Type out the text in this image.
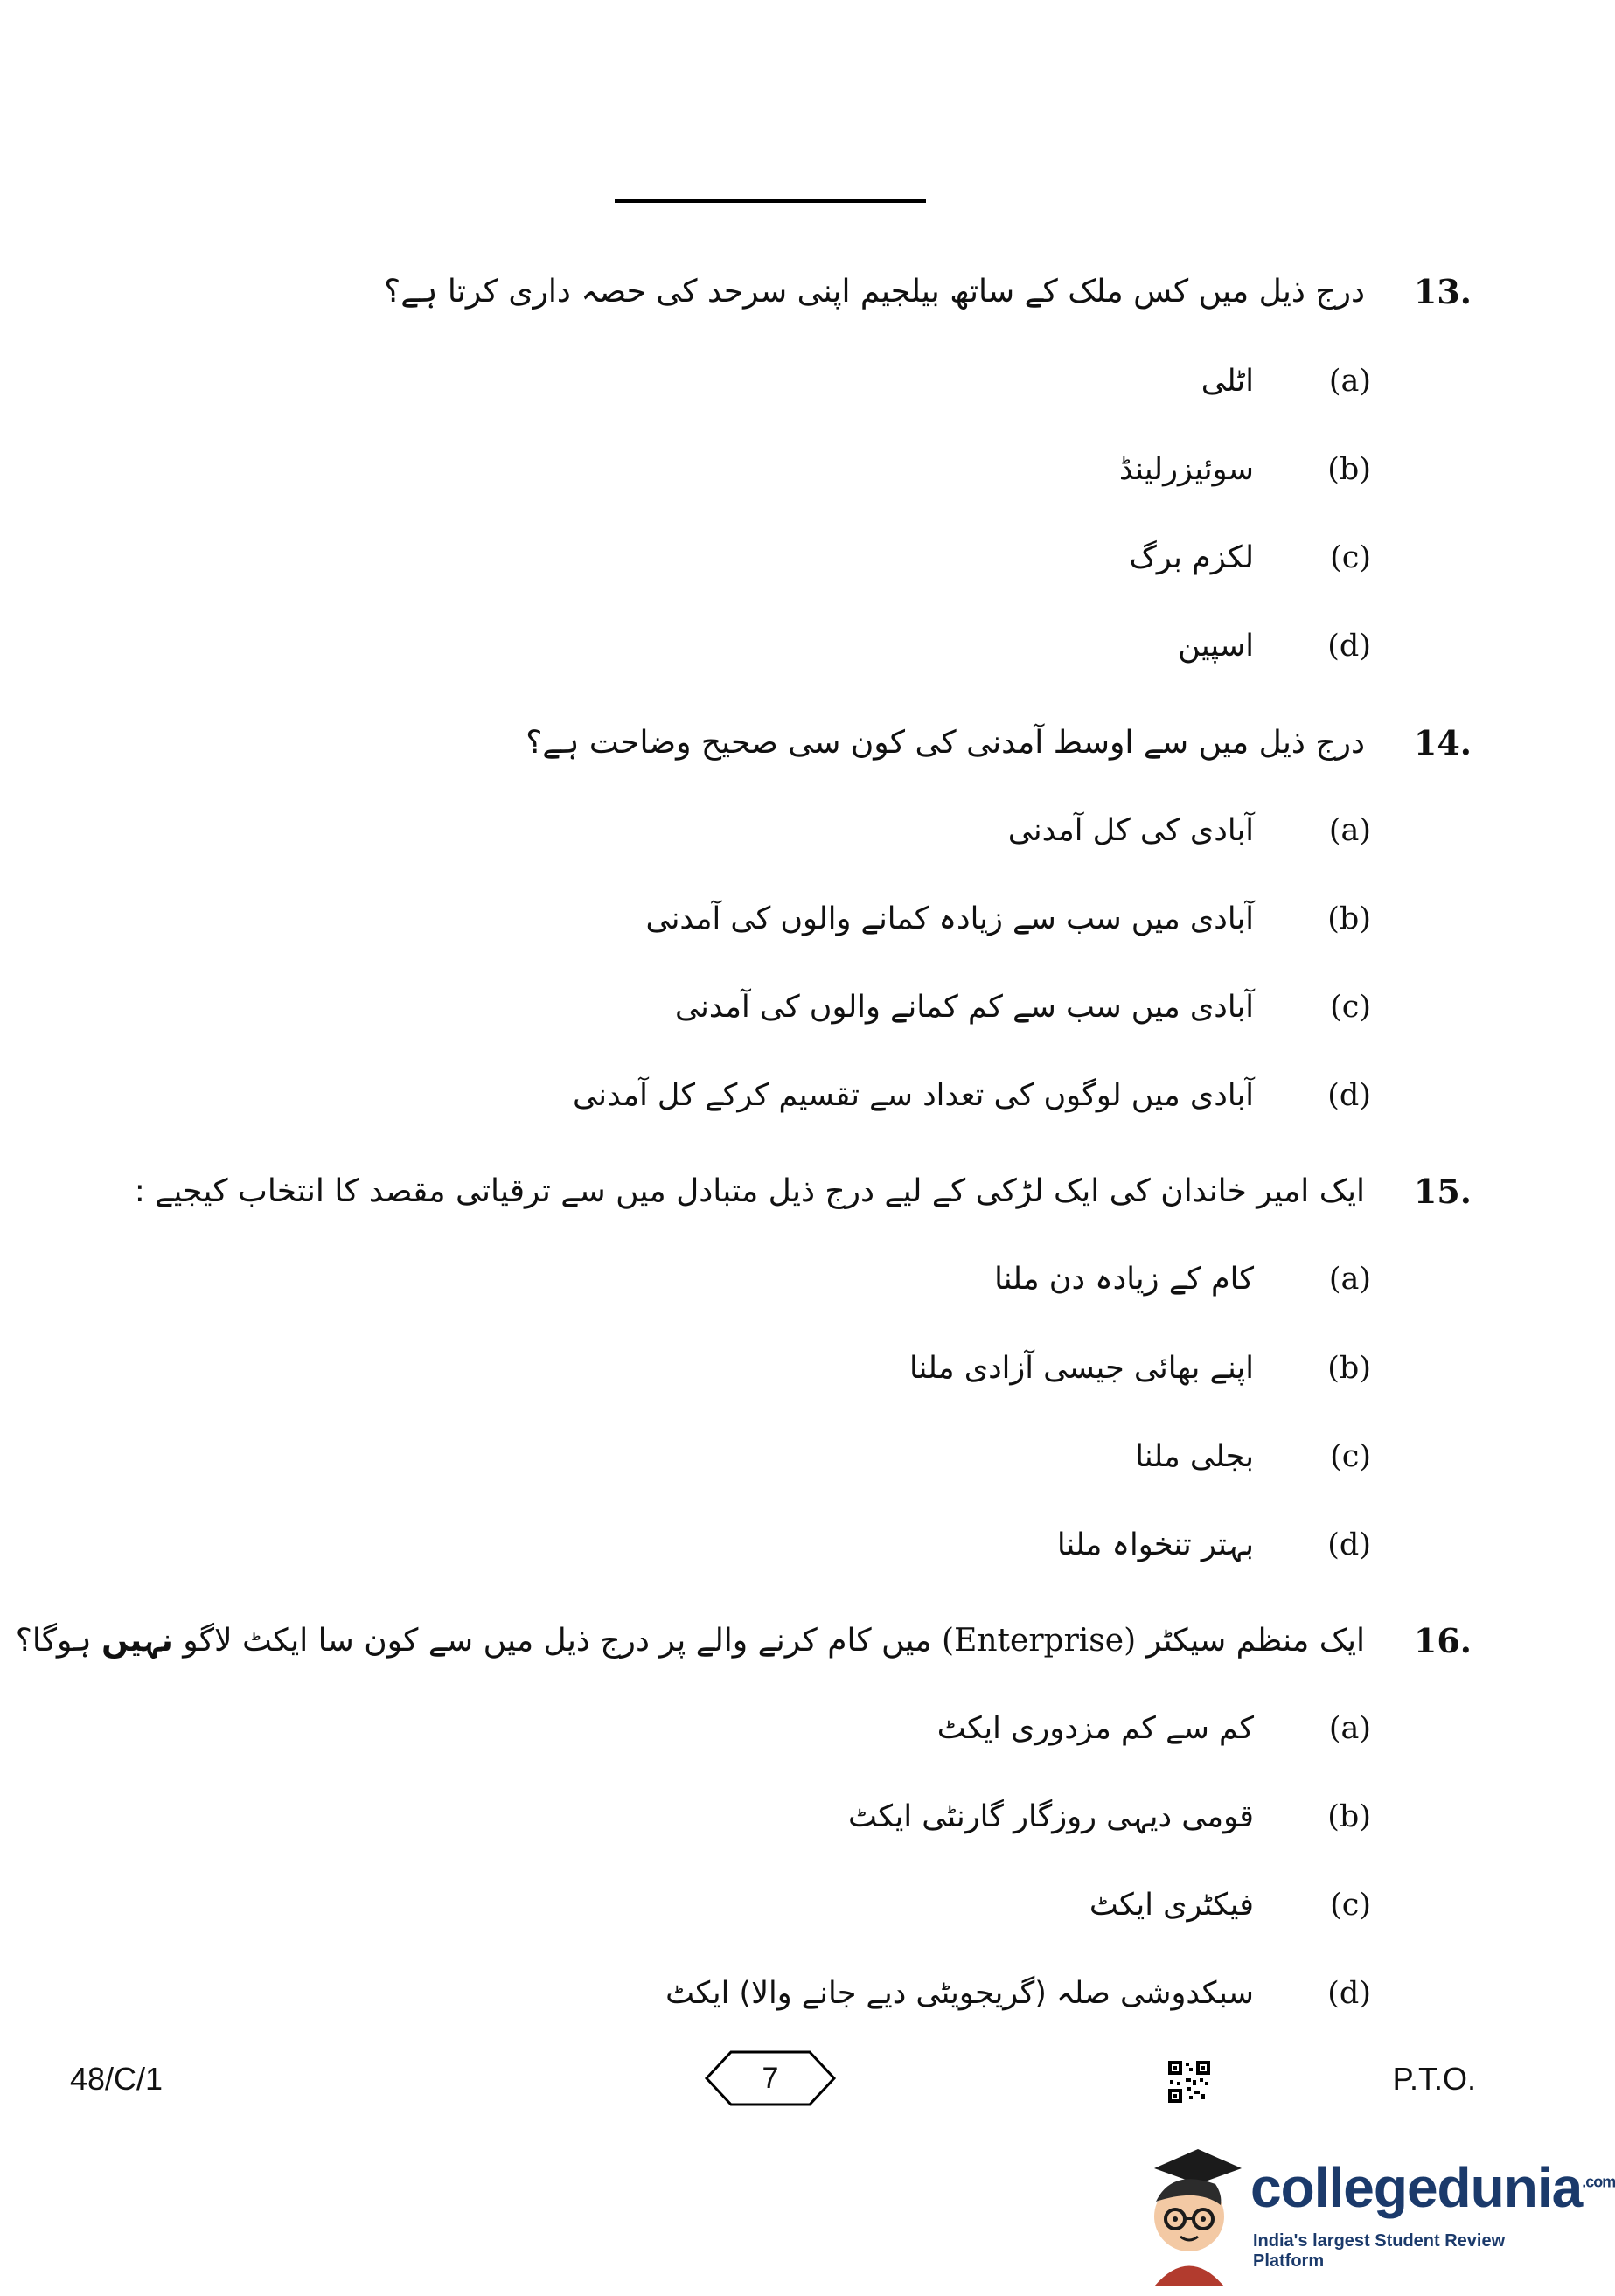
13.
درج ذیل میں کس ملک کے ساتھ بیلجیم اپنی سرحد کی حصہ داری کرتا ہے؟
(a)
اٹلی
(b)
سوئیزرلینڈ
(c)
لکزم برگ
(d)
اسپین
14.
درج ذیل میں سے اوسط آمدنی کی کون سی صحیح وضاحت ہے؟
(a)
آبادی کی کل آمدنی
(b)
آبادی میں سب سے زیادہ کمانے والوں کی آمدنی
(c)
آبادی میں سب سے کم کمانے والوں کی آمدنی
(d)
آبادی میں لوگوں کی تعداد سے تقسیم کرکے کل آمدنی
15.
ایک امیر خاندان کی ایک لڑکی کے لیے درج ذیل متبادل میں سے ترقیاتی مقصد کا انتخاب کیجیے :
(a)
کام کے زیادہ دن ملنا
(b)
اپنے بھائی جیسی آزادی ملنا
(c)
بجلی ملنا
(d)
بہتر تنخواہ ملنا
16.
ایک منظم سیکٹر (Enterprise) میں کام کرنے والے پر درج ذیل میں سے کون سا ایکٹ لاگو نہیں ہوگا؟
(a)
کم سے کم مزدوری ایکٹ
(b)
قومی دیہی روزگار گارنٹی ایکٹ
(c)
فیکٹری ایکٹ
(d)
سبکدوشی صلہ (گریجویٹی دیے جانے والا) ایکٹ
48/C/1	7	P.T.O.
collegedunia$^{.com}$
India's largest Student Review Platform
